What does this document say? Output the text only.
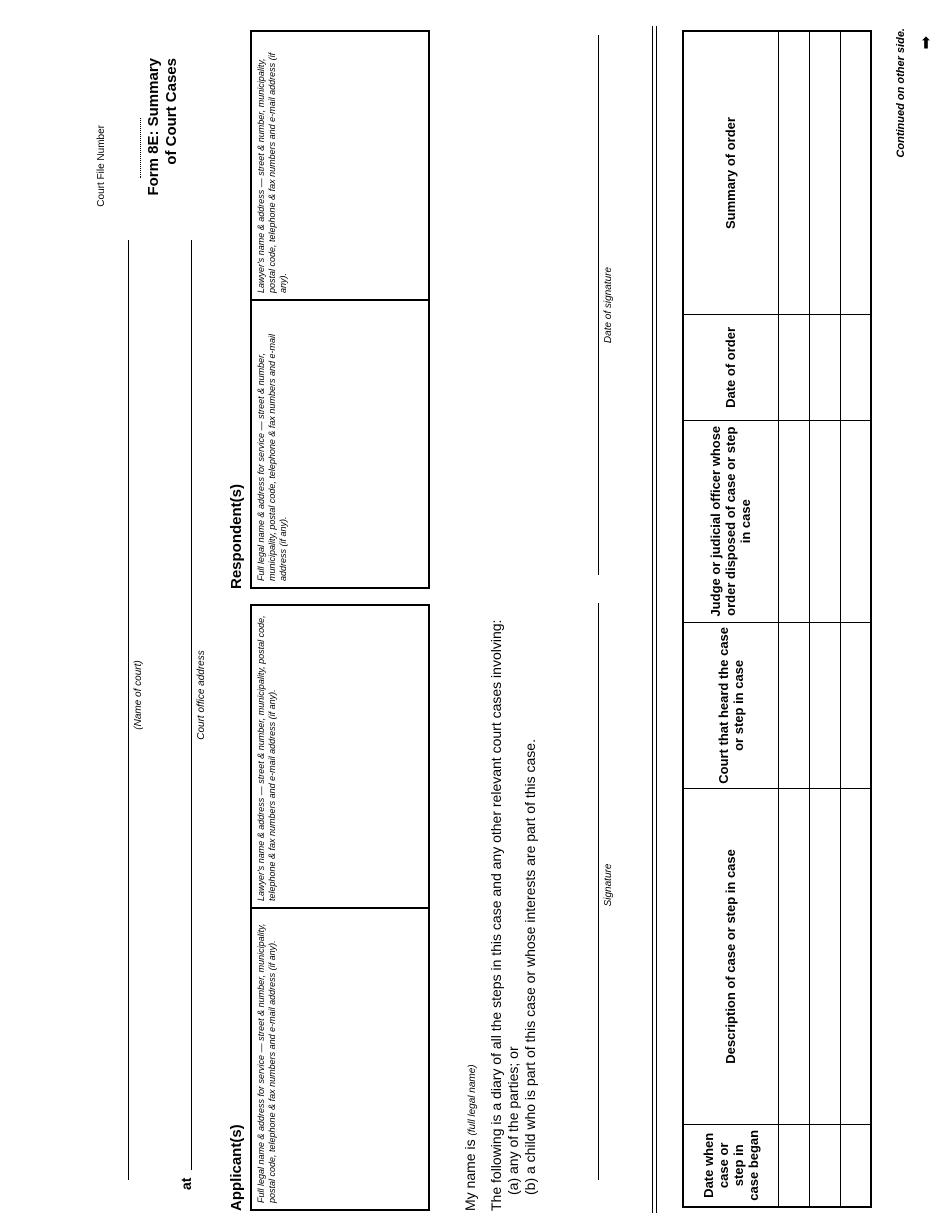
Court File Number	Form 8E: Summary of Court Cases
(Name of court)
at
Court office address
Applicant(s)	Full legal name & address for service — street & number, municipality, postal code, telephone & fax numbers and e-mail address (if any).
Lawyer's name & address — street & number, municipality, postal code, telephone & fax numbers and e-mail address (if any).
Respondent(s)	Full legal name & address for service — street & number, municipality, postal code, telephone & fax numbers and e-mail address (if any).
Lawyer's name & address — street & number, municipality, postal code, telephone & fax numbers and e-mail address (if any).
My name is (full legal name) The following is a diary of all the steps in this case and any other relevant court cases involving: (a) any of the parties; or (b) a child who is part of this case or whose interests are part of this case.	Signature
Date of signature
Date when case or step in case began	Description of case or step in case	Court that heard the case or step in case	Judge or judicial officer whose order disposed of case or step in case	Date of order	Summary of order

Continued on other side. ➡
